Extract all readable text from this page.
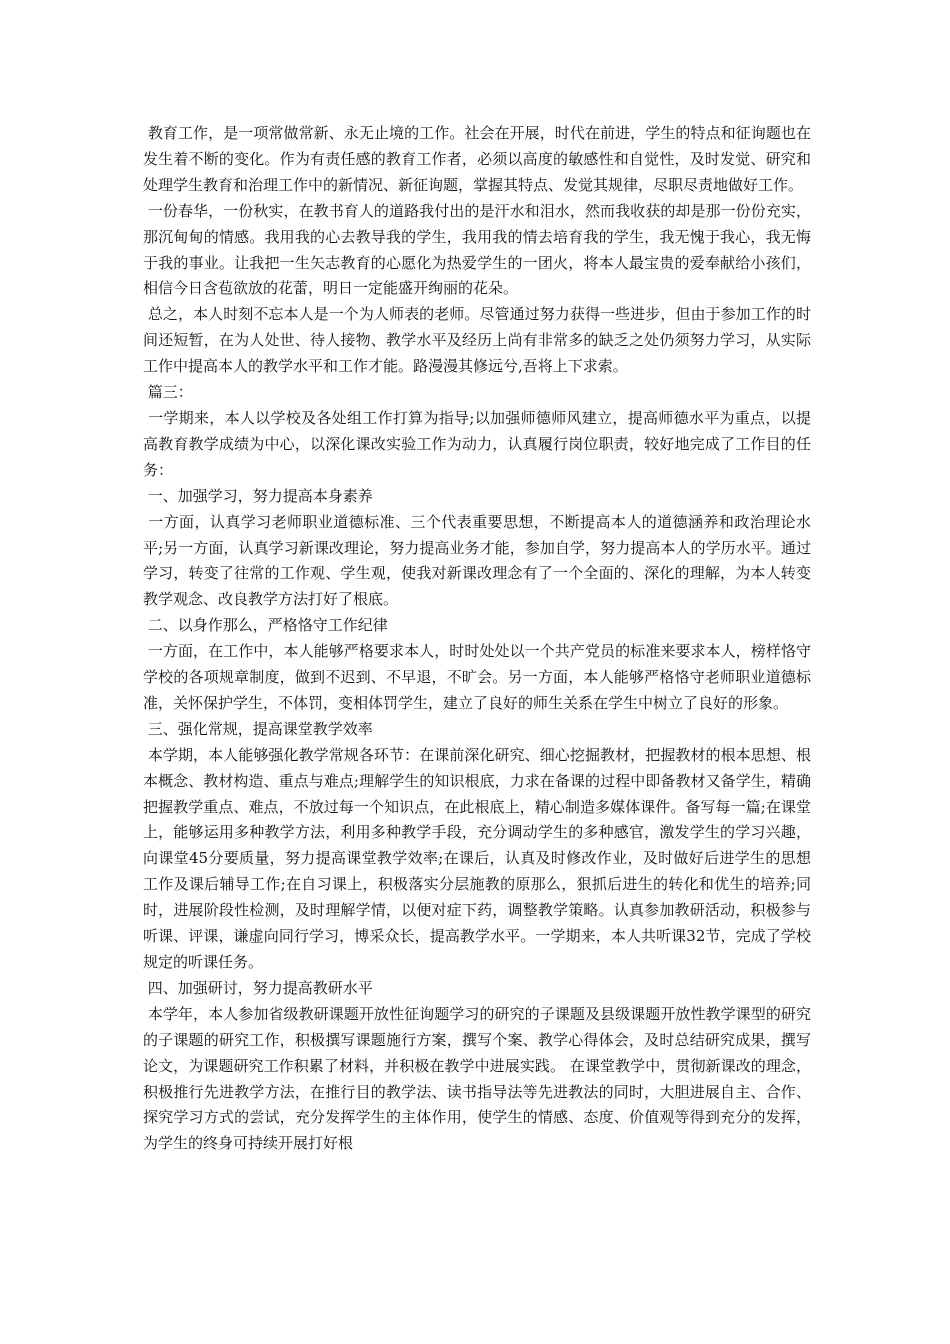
教育工作，是一项常做常新、永无止境的工作。社会在开展，时代在前进，学生的特点和征询题也在发生着不断的变化。作为有责任感的教育工作者，必须以高度的敏感性和自觉性，及时发觉、研究和处理学生教育和治理工作中的新情况、新征询题，掌握其特点、发觉其规律，尽职尽责地做好工作。

一份春华，一份秋实，在教书育人的道路我付出的是汗水和泪水，然而我收获的却是那一份份充实，那沉甸甸的情感。我用我的心去教导我的学生，我用我的情去培育我的学生，我无愧于我心，我无悔于我的事业。让我把一生矢志教育的心愿化为热爱学生的一团火，将本人最宝贵的爱奉献给小孩们，相信今日含苞欲放的花蕾，明日一定能盛开绚丽的花朵。

总之，本人时刻不忘本人是一个为人师表的老师。尽管通过努力获得一些进步，但由于参加工作的时间还短暂，在为人处世、待人接物、教学水平及经历上尚有非常多的缺乏之处仍须努力学习，从实际工作中提高本人的教学水平和工作才能。路漫漫其修远兮,吾将上下求索。

篇三：

一学期来，本人以学校及各处组工作打算为指导;以加强师德师风建立，提高师德水平为重点，以提高教育教学成绩为中心，以深化课改实验工作为动力，认真履行岗位职责，较好地完成了工作目的任务：

一、加强学习，努力提高本身素养

一方面，认真学习老师职业道德标准、三个代表重要思想，不断提高本人的道德涵养和政治理论水平;另一方面，认真学习新课改理论，努力提高业务才能，参加自学，努力提高本人的学历水平。通过学习，转变了往常的工作观、学生观，使我对新课改理念有了一个全面的、深化的理解，为本人转变教学观念、改良教学方法打好了根底。

二、以身作那么，严格恪守工作纪律

一方面，在工作中，本人能够严格要求本人，时时处处以一个共产党员的标准来要求本人，榜样恪守学校的各项规章制度，做到不迟到、不早退，不旷会。另一方面，本人能够严格恪守老师职业道德标准，关怀保护学生，不体罚，变相体罚学生，建立了良好的师生关系在学生中树立了良好的形象。

三、强化常规，提高课堂教学效率

本学期，本人能够强化教学常规各环节：在课前深化研究、细心挖掘教材，把握教材的根本思想、根本概念、教材构造、重点与难点;理解学生的知识根底，力求在备课的过程中即备教材又备学生，精确把握教学重点、难点，不放过每一个知识点，在此根底上，精心制造多媒体课件。备写每一篇;在课堂上，能够运用多种教学方法，利用多种教学手段，充分调动学生的多种感官，激发学生的学习兴趣，向课堂45分要质量，努力提高课堂教学效率;在课后，认真及时修改作业，及时做好后进学生的思想工作及课后辅导工作;在自习课上，积极落实分层施教的原那么，狠抓后进生的转化和优生的培养;同时，进展阶段性检测，及时理解学情，以便对症下药，调整教学策略。认真参加教研活动，积极参与听课、评课，谦虚向同行学习，博采众长，提高教学水平。一学期来，本人共听课32节，完成了学校规定的听课任务。

四、加强研讨，努力提高教研水平

本学年，本人参加省级教研课题开放性征询题学习的研究的子课题及县级课题开放性教学课型的研究的子课题的研究工作，积极撰写课题施行方案，撰写个案、教学心得体会，及时总结研究成果，撰写论文，为课题研究工作积累了材料，并积极在教学中进展实践。 在课堂教学中，贯彻新课改的理念，积极推行先进教学方法，在推行目的教学法、读书指导法等先进教法的同时，大胆进展自主、合作、探究学习方式的尝试，充分发挥学生的主体作用，使学生的情感、态度、价值观等得到充分的发挥，为学生的终身可持续开展打好根
